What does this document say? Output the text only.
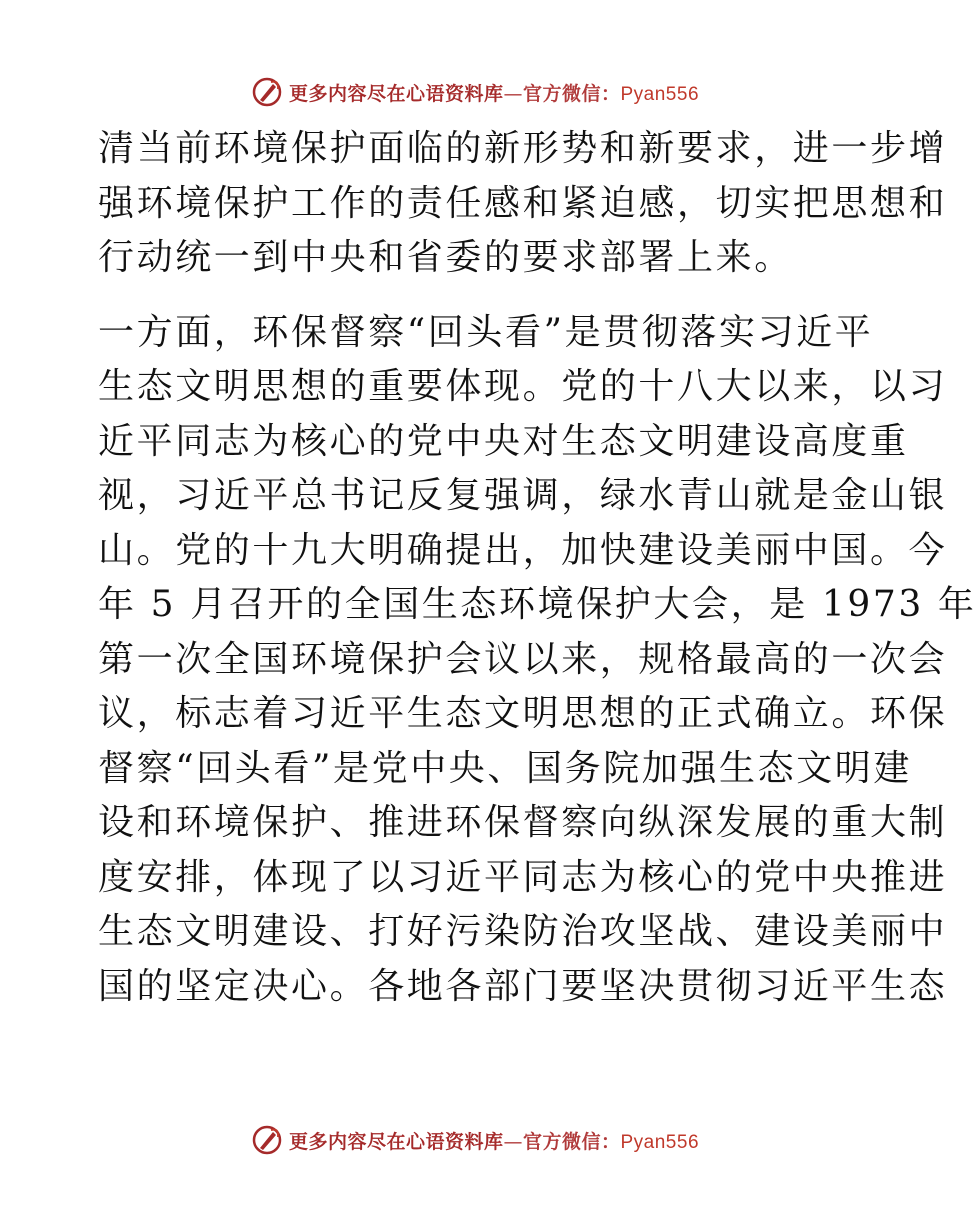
更多内容尽在心语资料库—官方微信：Pyan556
清当前环境保护面临的新形势和新要求，进一步增
强环境保护工作的责任感和紧迫感，切实把思想和
行动统一到中央和省委的要求部署上来。
一方面，环保督察“回头看”是贯彻落实习近平
生态文明思想的重要体现。党的十八大以来，以习
近平同志为核心的党中央对生态文明建设高度重
视，习近平总书记反复强调，绿水青山就是金山银
山。党的十九大明确提出，加快建设美丽中国。今
年 5 月召开的全国生态环境保护大会，是 1973 年
第一次全国环境保护会议以来，规格最高的一次会
议，标志着习近平生态文明思想的正式确立。环保
督察“回头看”是党中央、国务院加强生态文明建
设和环境保护、推进环保督察向纵深发展的重大制
度安排，体现了以习近平同志为核心的党中央推进
生态文明建设、打好污染防治攻坚战、建设美丽中
国的坚定决心。各地各部门要坚决贯彻习近平生态
更多内容尽在心语资料库—官方微信：Pyan556
